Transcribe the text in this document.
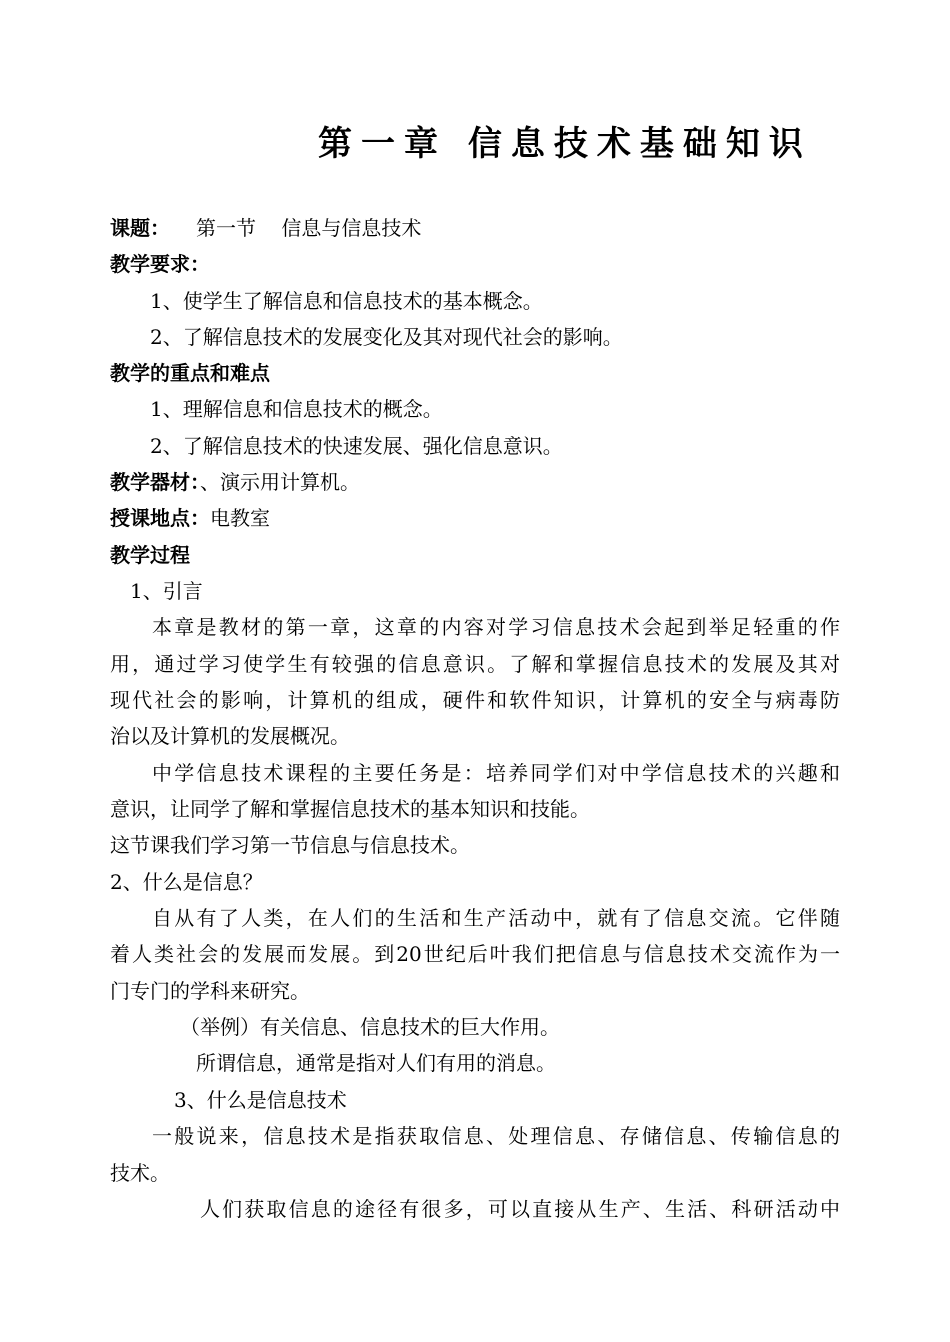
第一章 信息技术基础知识
课题： 第一节    信息与信息技术
教学要求：
1、使学生了解信息和信息技术的基本概念。
2、了解信息技术的发展变化及其对现代社会的影响。
教学的重点和难点
1、理解信息和信息技术的概念。
2、了解信息技术的快速发展、强化信息意识。
教学器材：、演示用计算机。
授课地点：电教室
教学过程
1、引言
本章是教材的第一章，这章的内容对学习信息技术会起到举足轻重的作
用，通过学习使学生有较强的信息意识。了解和掌握信息技术的发展及其对
现代社会的影响，计算机的组成，硬件和软件知识，计算机的安全与病毒防
治以及计算机的发展概况。
中学信息技术课程的主要任务是：培养同学们对中学信息技术的兴趣和
意识，让同学了解和掌握信息技术的基本知识和技能。
这节课我们学习第一节信息与信息技术。
2、什么是信息？
自从有了人类，在人们的生活和生产活动中，就有了信息交流。它伴随
着人类社会的发展而发展。到20世纪后叶我们把信息与信息技术交流作为一
门专门的学科来研究。
（举例）有关信息、信息技术的巨大作用。
所谓信息，通常是指对人们有用的消息。
3、什么是信息技术
一般说来，信息技术是指获取信息、处理信息、存储信息、传输信息的
技术。
人们获取信息的途径有很多，可以直接从生产、生活、科研活动中
